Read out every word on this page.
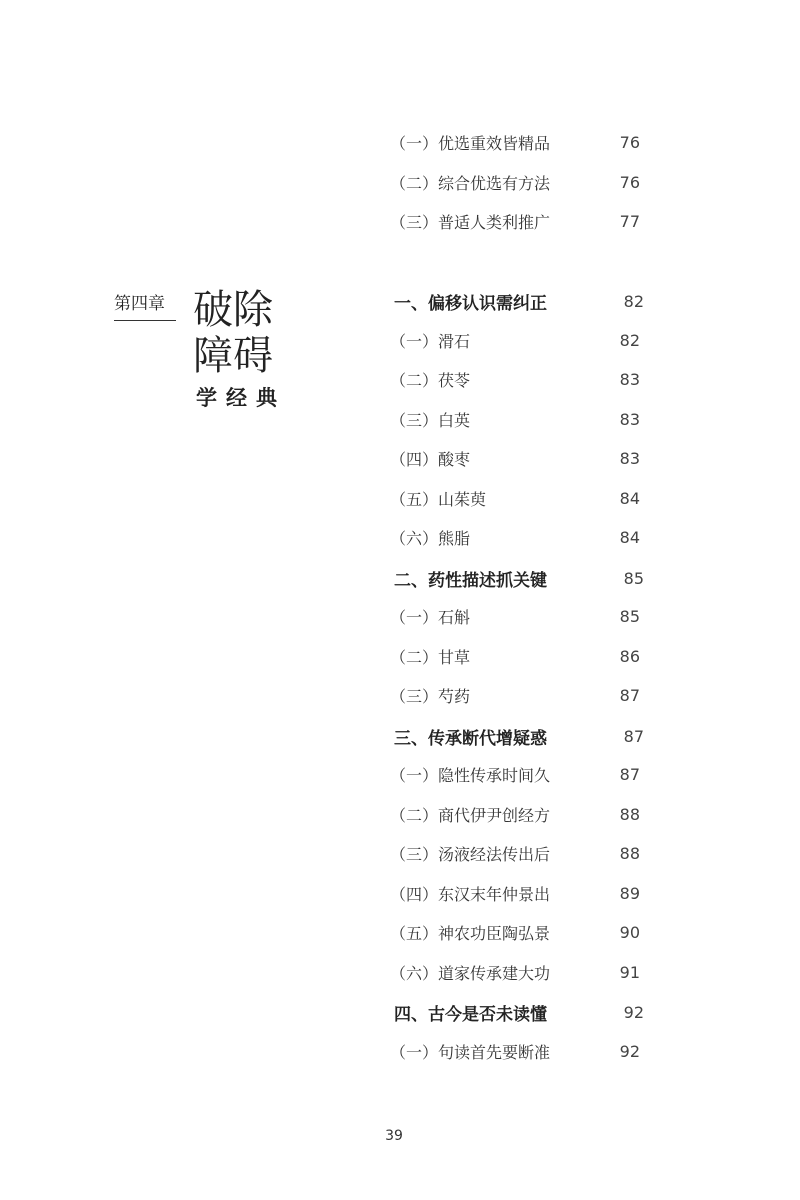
第四章 破除
障碍
学经典
（一）优选重效皆精品	76
（二）综合优选有方法	76
（三）普适人类利推广	77
一、偏移认识需纠正	82
（一）滑石	82
（二）茯苓	83
（三）白英	83
（四）酸枣	83
（五）山茱萸	84
（六）熊脂	84
二、药性描述抓关键	85
（一）石斛	85
（二）甘草	86
（三）芍药	87
三、传承断代增疑惑	87
（一）隐性传承时间久	87
（二）商代伊尹创经方	88
（三）汤液经法传出后	88
（四）东汉末年仲景出	89
（五）神农功臣陶弘景	90
（六）道家传承建大功	91
四、古今是否未读懂	92
（一）句读首先要断准	92
39
